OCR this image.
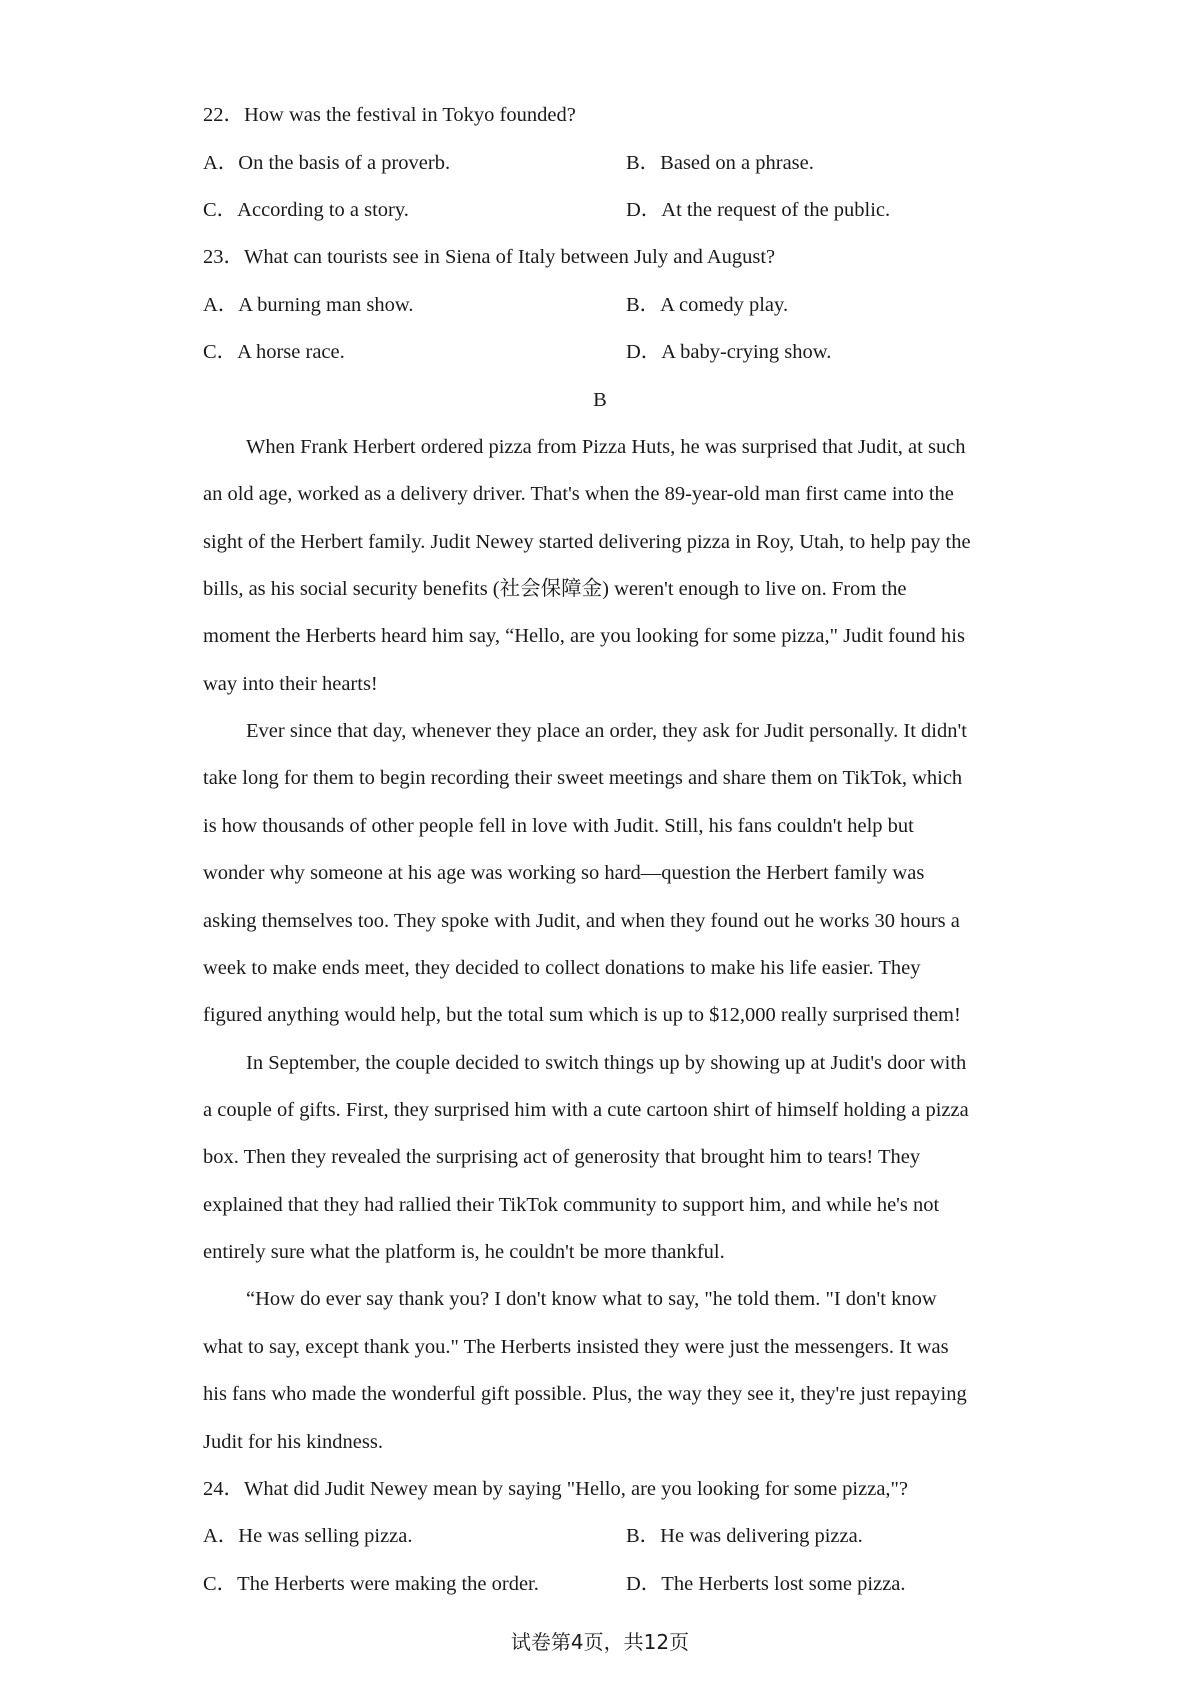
22．How was the festival in Tokyo founded?
A．On the basis of a proverb.	B．Based on a phrase.
C．According to a story.	D．At the request of the public.
23．What can tourists see in Siena of Italy between July and August?
A．A burning man show.	B．A comedy play.
C．A horse race.	D．A baby-crying show.
B
When Frank Herbert ordered pizza from Pizza Huts, he was surprised that Judit, at such
an old age, worked as a delivery driver. That's when the 89-year-old man first came into the
sight of the Herbert family. Judit Newey started delivering pizza in Roy, Utah, to help pay the
bills, as his social security benefits (社会保障金) weren't enough to live on. From the
moment the Herberts heard him say, “Hello, are you looking for some pizza," Judit found his
way into their hearts!
Ever since that day, whenever they place an order, they ask for Judit personally. It didn't
take long for them to begin recording their sweet meetings and share them on TikTok, which
is how thousands of other people fell in love with Judit. Still, his fans couldn't help but
wonder why someone at his age was working so hard—question the Herbert family was
asking themselves too. They spoke with Judit, and when they found out he works 30 hours a
week to make ends meet, they decided to collect donations to make his life easier. They
figured anything would help, but the total sum which is up to $12,000 really surprised them!
In September, the couple decided to switch things up by showing up at Judit's door with
a couple of gifts. First, they surprised him with a cute cartoon shirt of himself holding a pizza
box. Then they revealed the surprising act of generosity that brought him to tears! They
explained that they had rallied their TikTok community to support him, and while he's not
entirely sure what the platform is, he couldn't be more thankful.
“How do ever say thank you? I don't know what to say, "he told them. "I don't know
what to say, except thank you." The Herberts insisted they were just the messengers. It was
his fans who made the wonderful gift possible. Plus, the way they see it, they're just repaying
Judit for his kindness.
24．What did Judit Newey mean by saying "Hello, are you looking for some pizza,"?
A．He was selling pizza.	B．He was delivering pizza.
C．The Herberts were making the order.	D．The Herberts lost some pizza.
试卷第4页，共12页
